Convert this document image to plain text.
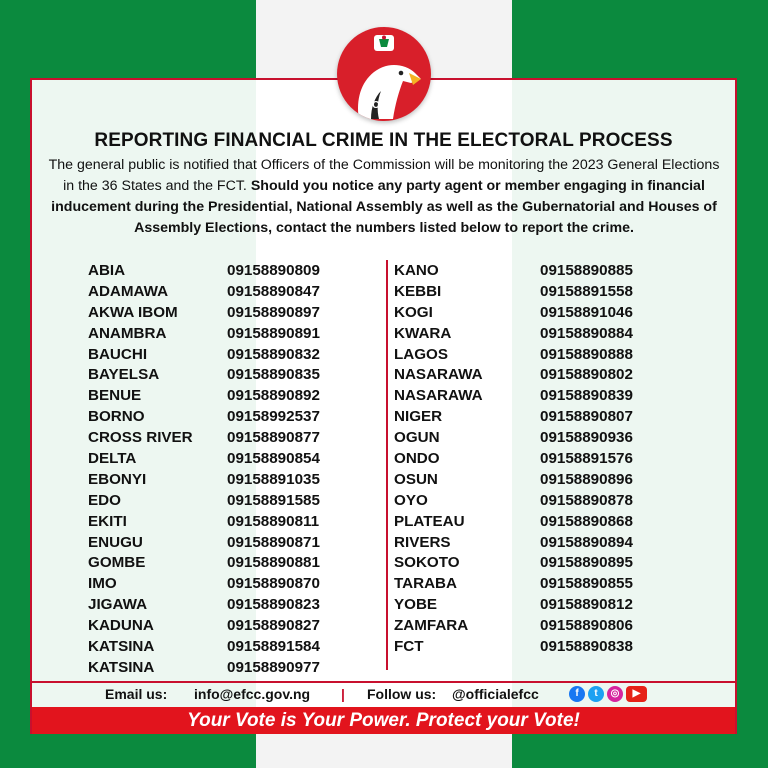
EFCC
REPORTING FINANCIAL CRIME IN THE ELECTORAL PROCESS
The general public is notified that Officers of the Commission will be monitoring the 2023 General Elections in the 36 States and the FCT. Should you notice any party agent or member engaging in financial inducement during the Presidential, National Assembly as well as the Gubernatorial and Houses of Assembly Elections, contact the numbers listed below to report the crime.
ABIA	09158890809
ADAMAWA	09158890847
AKWA IBOM	09158890897
ANAMBRA	09158890891
BAUCHI	09158890832
BAYELSA	09158890835
BENUE	09158890892
BORNO	09158992537
CROSS RIVER 09158890877
DELTA	09158890854
EBONYI	09158891035
EDO	09158891585
EKITI	09158890811
ENUGU	09158890871
GOMBE	09158890881
IMO	09158890870
JIGAWA	09158890823
KADUNA	09158890827
KATSINA	09158891584
KATSINA	09158890977
KANO	09158890885
KEBBI	09158891558
KOGI	09158891046
KWARA	09158890884
LAGOS	09158890888
NASARAWA	09158890802
NASARAWA	09158890839
NIGER	09158890807
OGUN	09158890936
ONDO	09158891576
OSUN	09158890896
OYO	09158890878
PLATEAU	09158890868
RIVERS	09158890894
SOKOTO	09158890895
TARABA	09158890855
YOBE	09158890812
ZAMFARA	09158890806
FCT	09158890838
Email us: info@efcc.gov.ng | Follow us: @officialefcc	f	t	◎	▶
Your Vote is Your Power. Protect your Vote!
